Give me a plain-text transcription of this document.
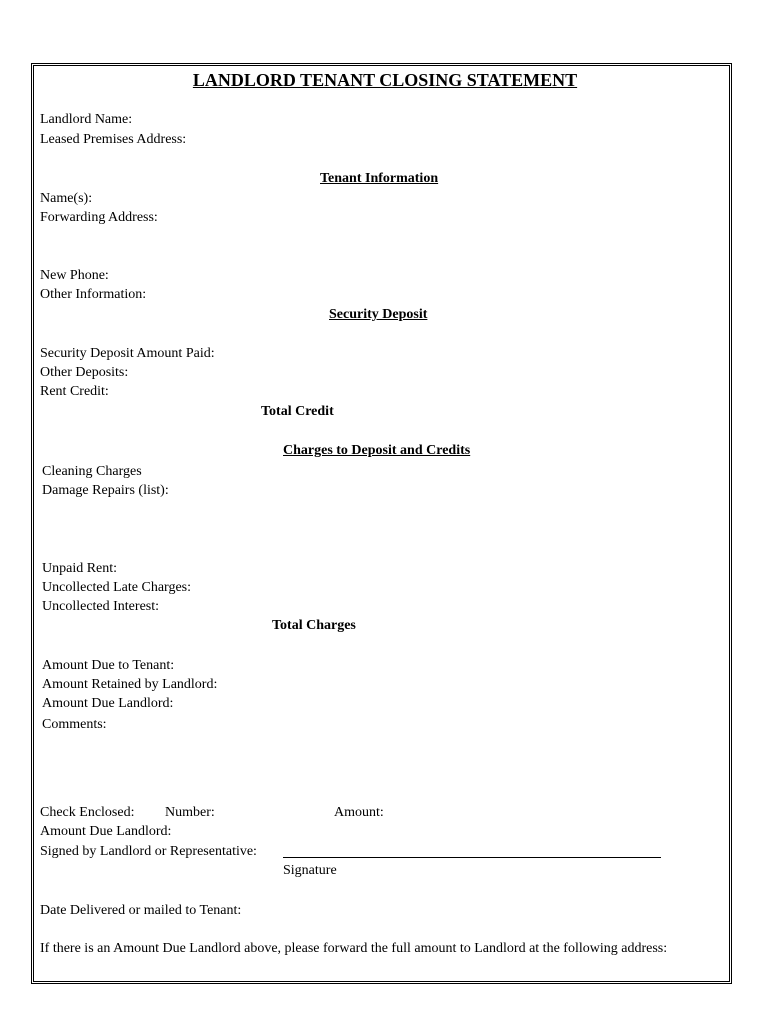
LANDLORD TENANT CLOSING STATEMENT
Landlord Name:
Leased Premises Address:
Tenant Information
Name(s):
Forwarding Address:
New Phone:
Other Information:
Security Deposit
Security Deposit Amount Paid:
Other Deposits:
Rent Credit:
Total Credit
Charges to Deposit and Credits
Cleaning Charges
Damage Repairs (list):
Unpaid Rent:
Uncollected Late Charges:
Uncollected Interest:
Total Charges
Amount Due to Tenant:
Amount Retained by Landlord:
Amount Due Landlord:
Comments:
Check Enclosed: Number:	Amount:
Amount Due Landlord:
Signed by Landlord or Representative:
Signature
Date Delivered or mailed to Tenant:
If there is an Amount Due Landlord above, please forward the full amount to Landlord at the following address:
